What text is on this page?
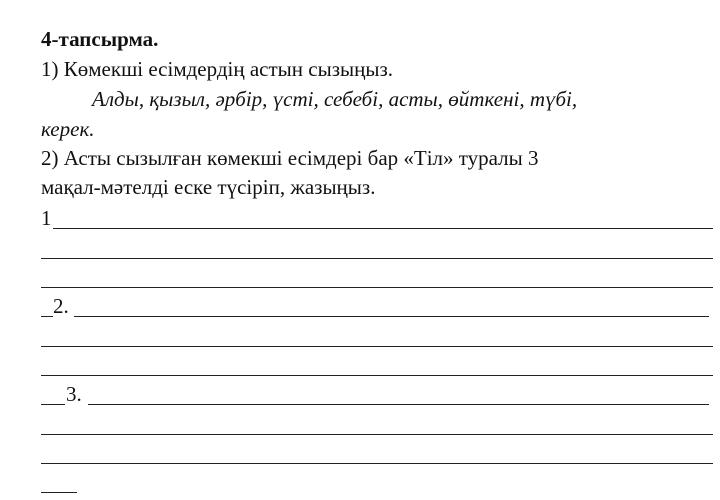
4-тапсырма.
1) Көмекші есімдердің астын сызыңыз.
Алды, қызыл, әрбір, үсті, себебі, асты, өйткені, түбі,
керек.
2) Асты сызылған көмекші есімдері бар «Тіл» туралы 3
мақал-мәтелді еске түсіріп, жазыңыз.
1
2.
3.
